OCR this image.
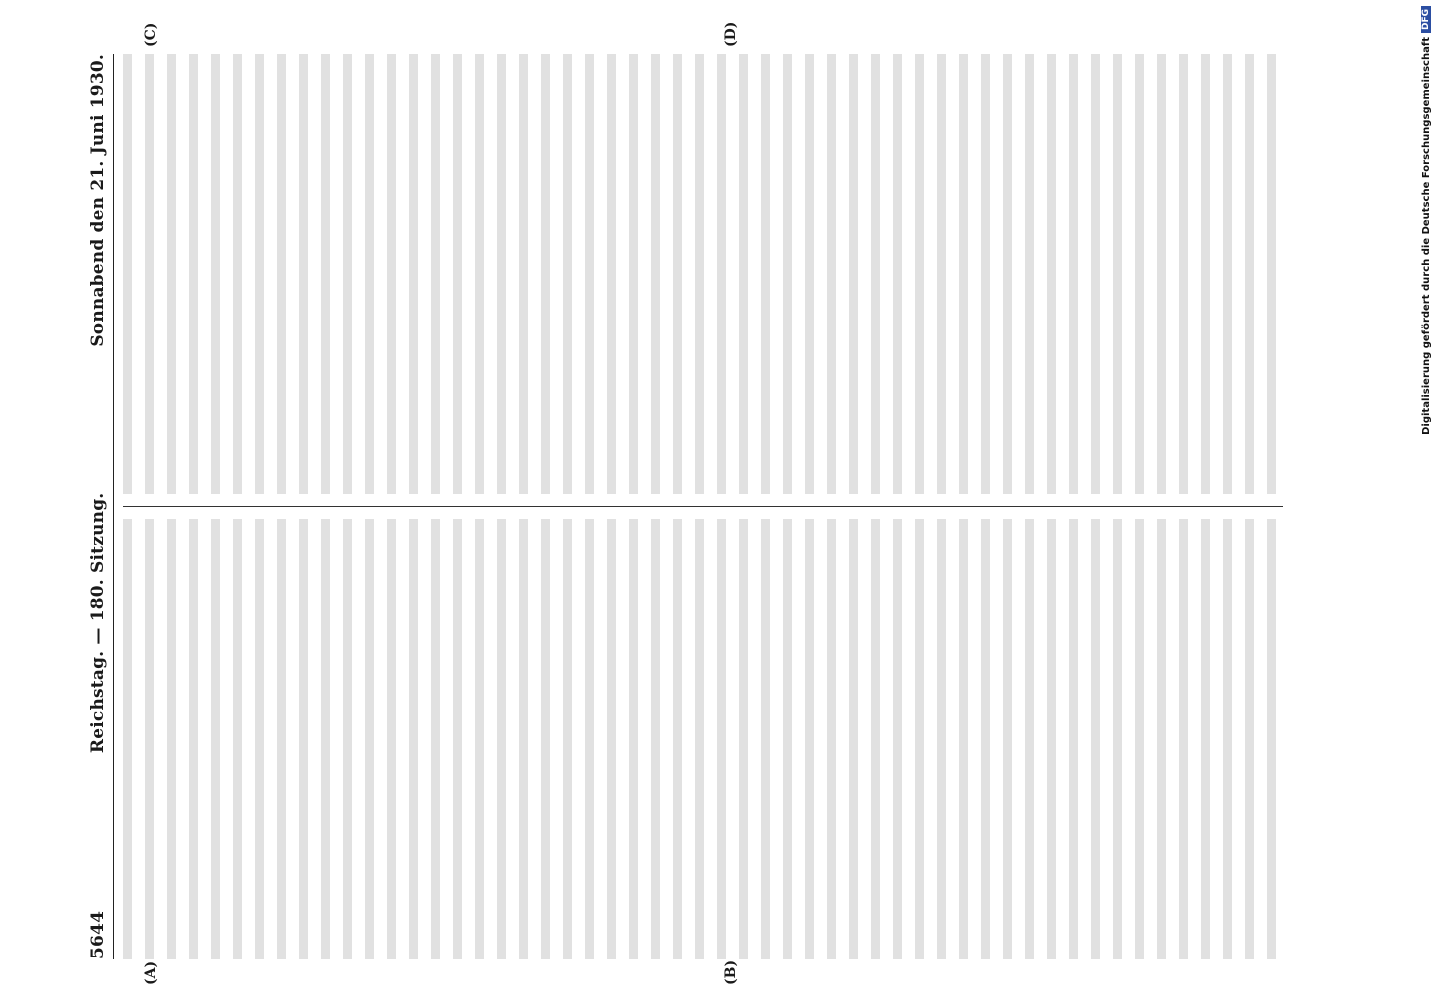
5644
Reichstag. — 180. Sitzung.
Sonnabend den 21. Juni 1930.
(A)	(B)
(C)	(D)
Digitalisierung gefördert durch die Deutsche Forschungsgemeinschaft
DFG
